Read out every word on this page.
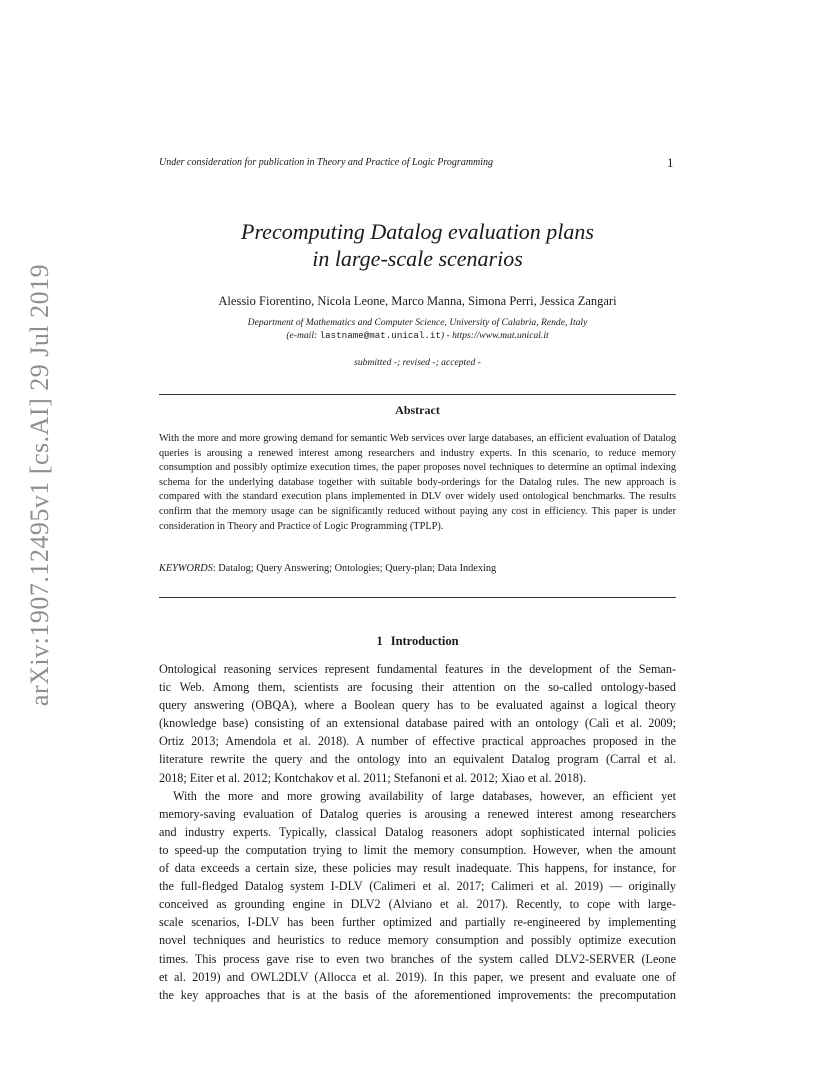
arXiv:1907.12495v1 [cs.AI] 29 Jul 2019
Under consideration for publication in Theory and Practice of Logic Programming	1
Precomputing Datalog evaluation plans
in large-scale scenarios
Alessio Fiorentino, Nicola Leone, Marco Manna, Simona Perri, Jessica Zangari
Department of Mathematics and Computer Science, University of Calabria, Rende, Italy
(e-mail: lastname@mat.unical.it) - https://www.mat.unical.it
submitted -; revised -; accepted -
Abstract
With the more and more growing demand for semantic Web services over large databases, an efficient evaluation of Datalog queries is arousing a renewed interest among researchers and industry experts. In this scenario, to reduce memory consumption and possibly optimize execution times, the paper proposes novel techniques to determine an optimal indexing schema for the underlying database together with suitable body-orderings for the Datalog rules. The new approach is compared with the standard execution plans implemented in DLV over widely used ontological benchmarks. The results confirm that the memory usage can be significantly reduced without paying any cost in efficiency. This paper is under consideration in Theory and Practice of Logic Programming (TPLP).
KEYWORDS: Datalog; Query Answering; Ontologies; Query-plan; Data Indexing
1 Introduction
Ontological reasoning services represent fundamental features in the development of the Seman-
tic Web. Among them, scientists are focusing their attention on the so-called ontology-based
query answering (OBQA), where a Boolean query has to be evaluated against a logical theory
(knowledge base) consisting of an extensional database paired with an ontology (Calì et al. 2009;
Ortiz 2013; Amendola et al. 2018). A number of effective practical approaches proposed in the
literature rewrite the query and the ontology into an equivalent Datalog program (Carral et al.
2018; Eiter et al. 2012; Kontchakov et al. 2011; Stefanoni et al. 2012; Xiao et al. 2018).
With the more and more growing availability of large databases, however, an efficient yet
memory-saving evaluation of Datalog queries is arousing a renewed interest among researchers
and industry experts. Typically, classical Datalog reasoners adopt sophisticated internal policies
to speed-up the computation trying to limit the memory consumption. However, when the amount
of data exceeds a certain size, these policies may result inadequate. This happens, for instance, for
the full-fledged Datalog system I-DLV (Calimeri et al. 2017; Calimeri et al. 2019) — originally
conceived as grounding engine in DLV2 (Alviano et al. 2017). Recently, to cope with large-
scale scenarios, I-DLV has been further optimized and partially re-engineered by implementing
novel techniques and heuristics to reduce memory consumption and possibly optimize execution
times. This process gave rise to even two branches of the system called DLV2-SERVER (Leone
et al. 2019) and OWL2DLV (Allocca et al. 2019). In this paper, we present and evaluate one of
the key approaches that is at the basis of the aforementioned improvements: the precomputation
